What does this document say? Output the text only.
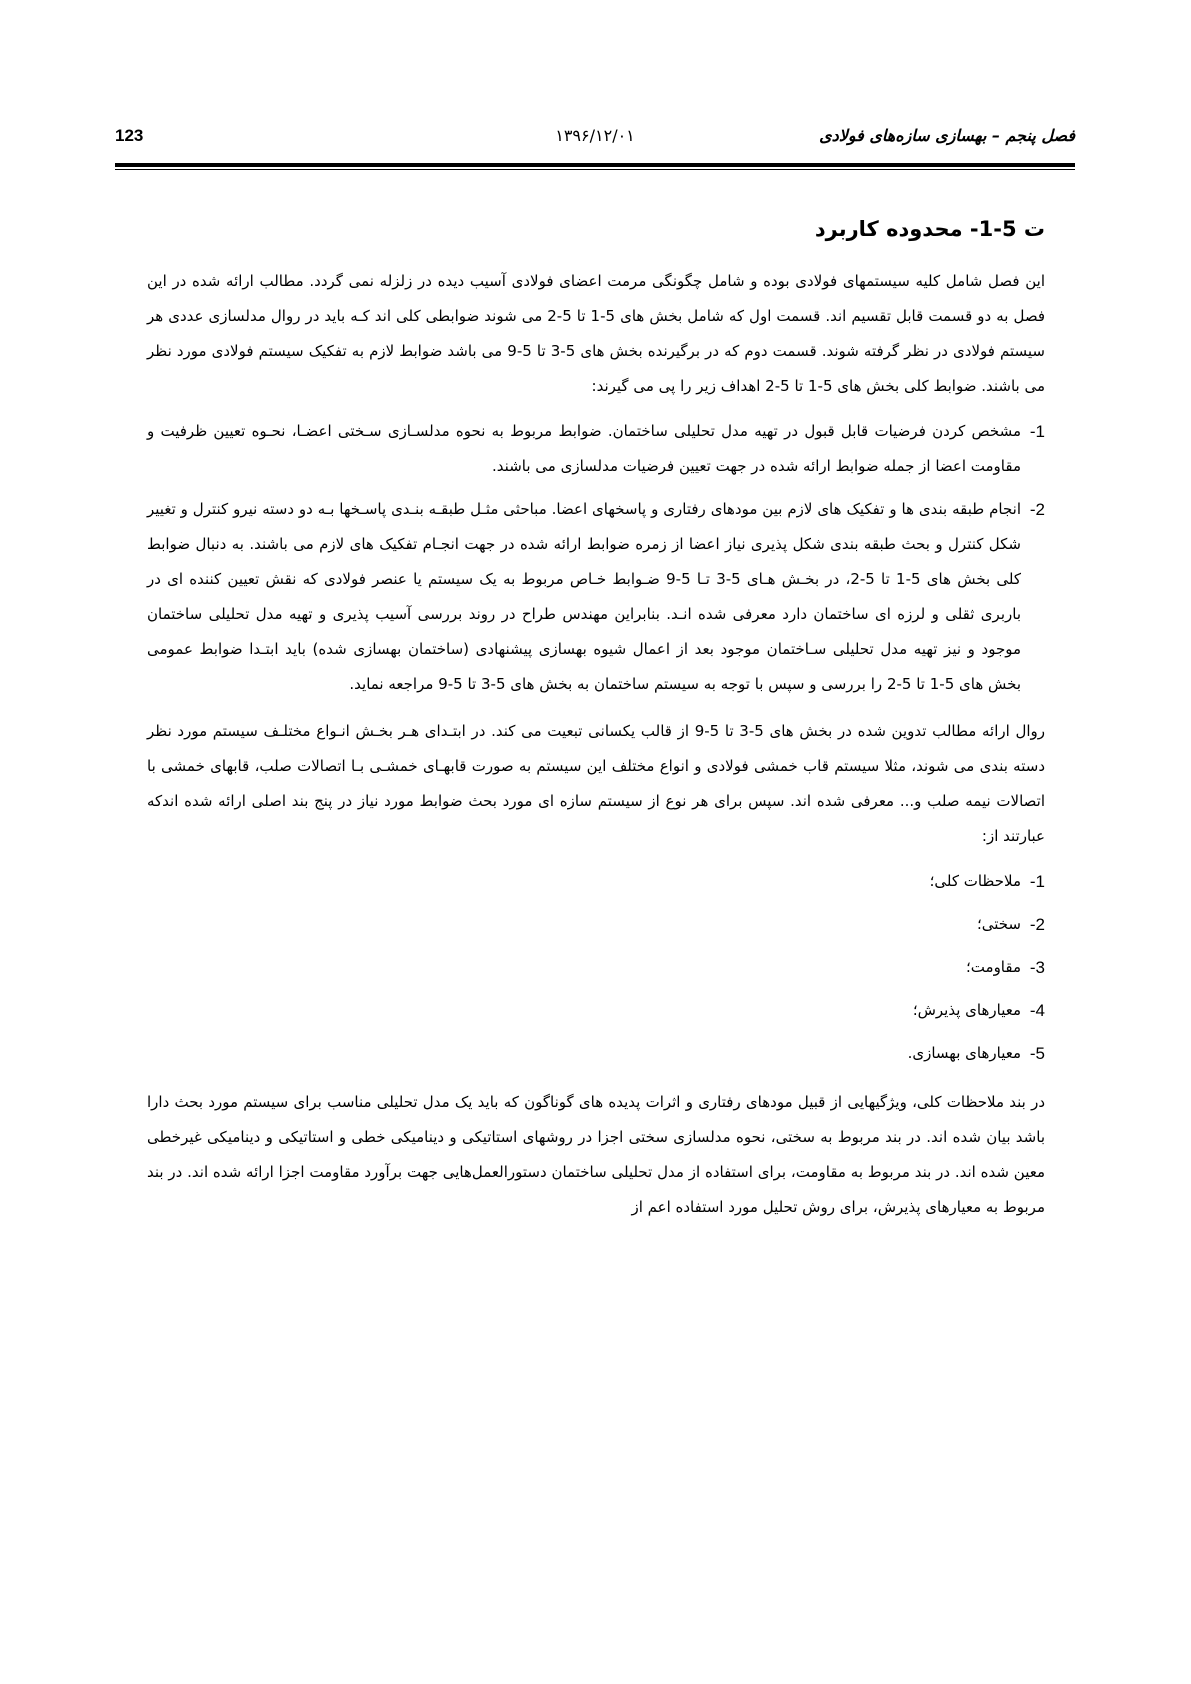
فصل پنجم – بهسازی سازه‌های فولادی
۱۳۹۶/۱۲/۰۱
123
ت 5-1- محدوده کاربرد

این فصل شامل کلیه سیستمهای فولادی بوده و شامل چگونگی مرمت اعضای فولادی آسیب دیده در زلزله نمی گردد. مطالب ارائه شده در این فصل به دو قسمت قابل تقسیم اند. قسمت اول که شامل بخش های 5-1 تا 5-2 می شوند ضوابطی کلی اند کـه باید در روال مدلسازی عددی هر سیستم فولادی در نظر گرفته شوند. قسمت دوم که در برگیرنده بخش های 5-3 تا 5-9 می باشد ضوابط لازم به تفکیک سیستم فولادی مورد نظر می باشند. ضوابط کلی بخش های 5-1 تا 5-2 اهداف زیر را پی می گیرند:

1-
مشخص کردن فرضیات قابل قبول در تهیه مدل تحلیلی ساختمان. ضوابط مربوط به نحوه مدلسـازی سـختی اعضـا، نحـوه تعیین ظرفیت و مقاومت اعضا از جمله ضوابط ارائه شده در جهت تعیین فرضیات مدلسازی می باشند.
2-
انجام طبقه بندی ها و تفکیک های لازم بین مودهای رفتاری و پاسخهای اعضا. مباحثی مثـل طبقـه بنـدی پاسـخها بـه دو دسته نیرو کنترل و تغییر شکل کنترل و بحث طبقه بندی شکل پذیری نیاز اعضا از زمره ضوابط ارائه شده در جهت انجـام تفکیک های لازم می باشند. به دنبال ضوابط کلی بخش های 5-1 تا 5-2، در بخـش هـای 5-3 تـا 5-9 ضـوابط خـاص مربوط به یک سیستم یا عنصر فولادی که نقش تعیین کننده ای در باربری ثقلی و لرزه ای ساختمان دارد معرفی شده انـد. بنابراین مهندس طراح در روند بررسی آسیب پذیری و تهیه مدل تحلیلی ساختمان موجود و نیز تهیه مدل تحلیلی سـاختمان موجود بعد از اعمال شیوه بهسازی پیشنهادی (ساختمان بهسازی شده) باید ابتـدا ضوابط عمومی بخش های 5-1 تا 5-2 را بررسی و سپس با توجه به سیستم ساختمان به بخش های 5-3 تا 5-9 مراجعه نماید.

روال ارائه مطالب تدوین شده در بخش های 5-3 تا 5-9 از قالب یکسانی تبعیت می کند. در ابتـدای هـر بخـش انـواع مختلـف سیستم مورد نظر دسته بندی می شوند، مثلا سیستم قاب خمشی فولادی و انواع مختلف این سیستم به صورت قابهـای خمشـی بـا اتصالات صلب، قابهای خمشی با اتصالات نیمه صلب و... معرفی شده اند. سپس برای هر نوع از سیستم سازه ای مورد بحث ضوابط مورد نیاز در پنج بند اصلی ارائه شده اندکه عبارتند از:

1-
ملاحظات کلی؛
2-
سختی؛
3-
مقاومت؛
4-
معیارهای پذیرش؛
5-
معیارهای بهسازی.

در بند ملاحظات کلی، ویژگیهایی از قبیل مودهای رفتاری و اثرات پدیده های گوناگون که باید یک مدل تحلیلی مناسب برای سیستم مورد بحث دارا باشد بیان شده اند. در بند مربوط به سختی، نحوه مدلسازی سختی اجزا در روشهای استاتیکی و دینامیکی خطی و استاتیکی و دینامیکی غیرخطی معین شده اند. در بند مربوط به مقاومت، برای استفاده از مدل تحلیلی ساختمان دستورالعمل‌هایی جهت برآورد مقاومت اجزا ارائه شده اند. در بند مربوط به معیارهای پذیرش، برای روش تحلیل مورد استفاده اعم از
